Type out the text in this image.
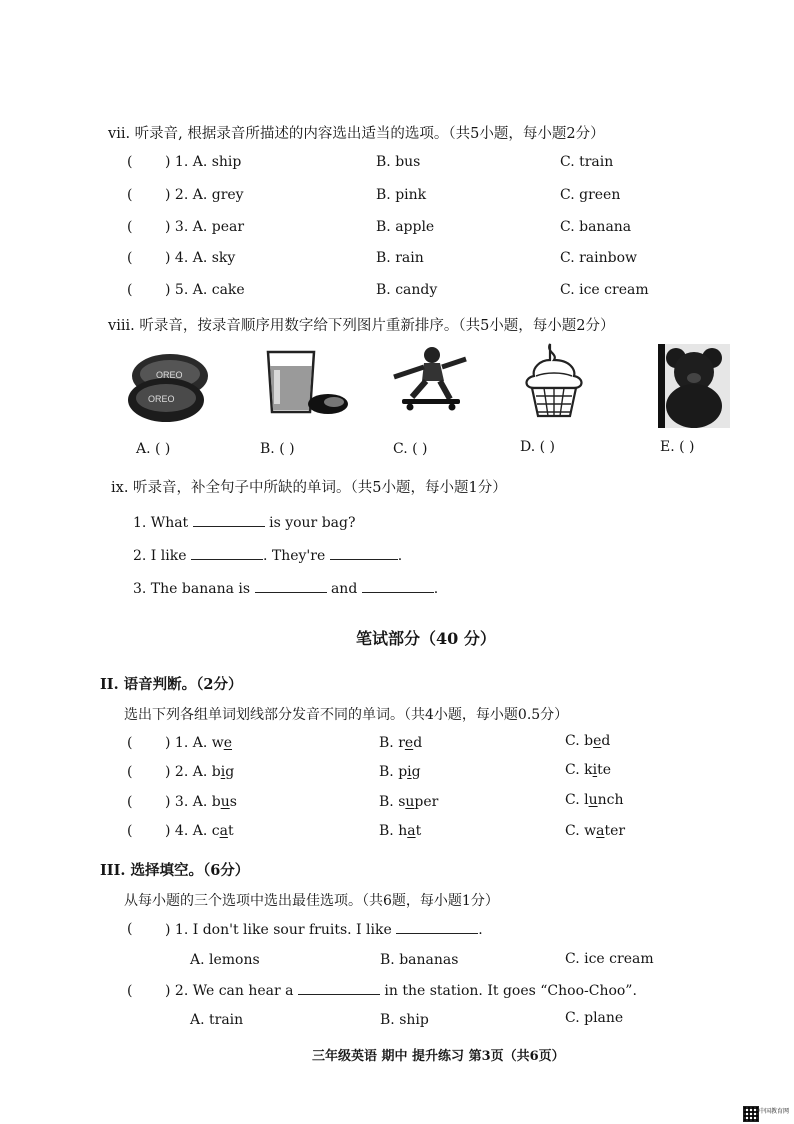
vii. 听录音, 根据录音所描述的内容选出适当的选项。（共5小题，每小题2分）
( ) 1. A. ship	B. bus	C. train
( ) 2. A. grey	B. pink	C. green
( ) 3. A. pear	B. apple	C. banana
( ) 4. A. sky	B. rain	C. rainbow
( ) 5. A. cake	B. candy	C. ice cream
viii. 听录音，按录音顺序用数字给下列图片重新排序。（共5小题，每小题2分）
OREO
OREO
A. ( )	B. ( )	C. ( )	D. ( )	E. ( )
ix. 听录音，补全句子中所缺的单词。（共5小题，每小题1分）
1. What	is your bag?
2. I like	. They're	.
3. The banana is	and	.
笔试部分（40 分）
II. 语音判断。（2分）
选出下列各组单词划线部分发音不同的单词。（共4小题，每小题0.5分）
( ) 1. A. we	B. red	C. bed
( ) 2. A. big	B. pig	C. kite
( ) 3. A. bus	B. super	C. lunch
( ) 4. A. cat	B. hat	C. water
III. 选择填空。（6分）
从每小题的三个选项中选出最佳选项。（共6题，每小题1分）
( ) 1. I don't like sour fruits. I like	.
A. lemons	B. bananas	C. ice cream
( ) 2. We can hear a	in the station. It goes “Choo-Choo”.
A. train	B. ship	C. plane
三年级英语 期中 提升练习 第3页（共6页）
中国教育网
